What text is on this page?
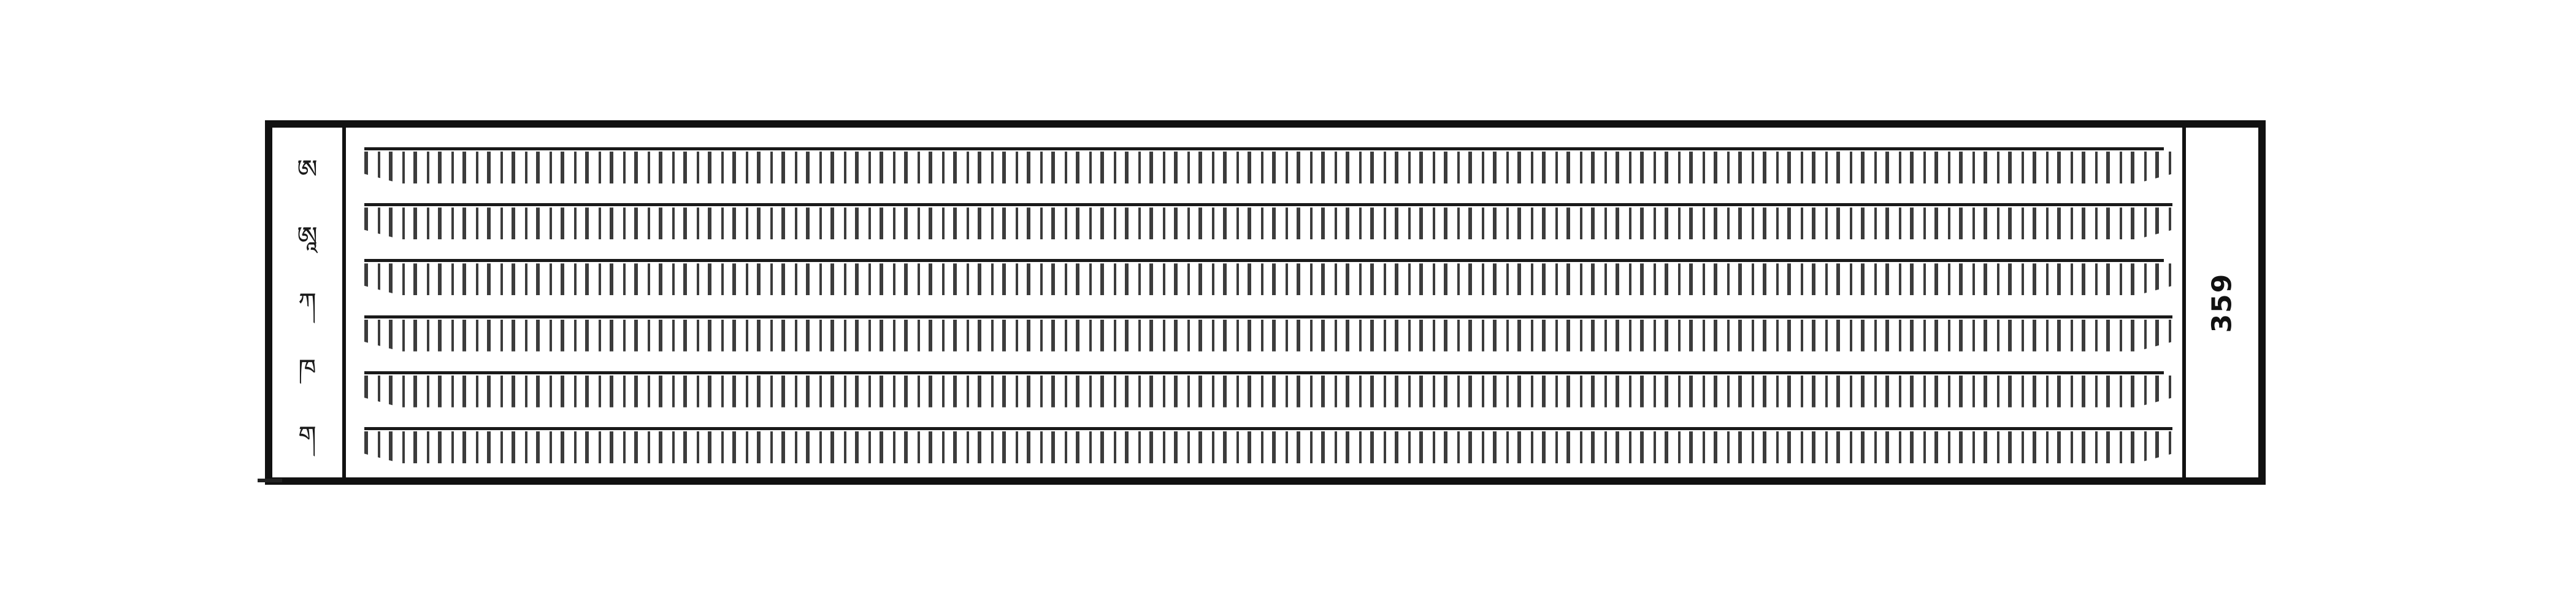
ཨ
ཨཱ
ཀ
ཁ
ག
359
